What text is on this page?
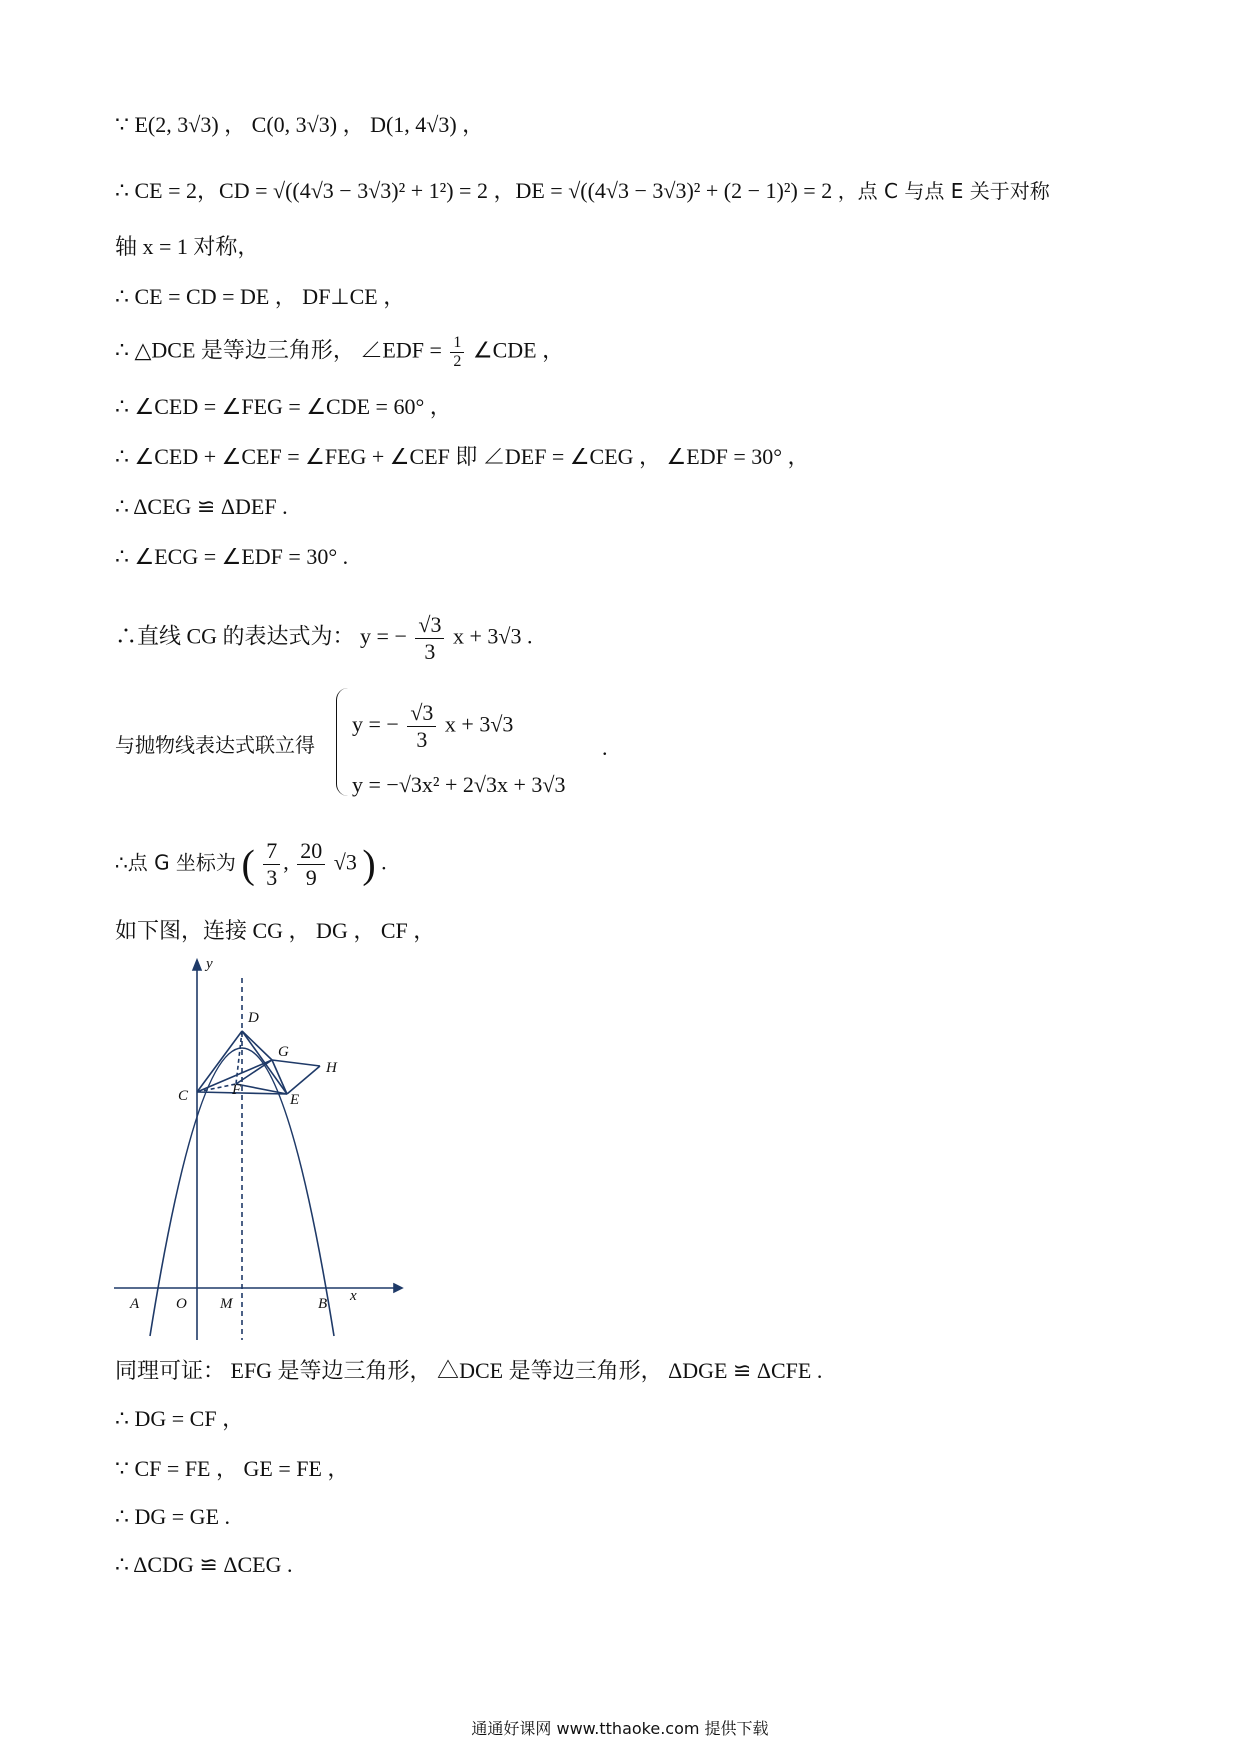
∵ E(2, 3√3) ， C(0, 3√3) ， D(1, 4√3) ，
∴ CE = 2，CD = √((4√3 − 3√3)² + 1²) = 2 ，DE = √((4√3 − 3√3)² + (2 − 1)²) = 2 ，点 C 与点 E 关于对称
轴 x = 1 对称，
∴ CE = CD = DE ， DF⊥CE ，
∴ △DCE 是等边三角形， ∠EDF = $\frac{1}{2}$ ∠CDE ，
∴ ∠CED = ∠FEG = ∠CDE = 60° ，
∴ ∠CED + ∠CEF = ∠FEG + ∠CEF 即 ∠DEF = ∠CEG ， ∠EDF = 30° ，
∴ ΔCEG ≌ ΔDEF .
∴ ∠ECG = ∠EDF = 30° .
∴直线 CG 的表达式为： y = − $\frac{√3}{3}$ x + 3√3 .
与抛物线表达式联立得
y = − $\frac{√3}{3}$ x + 3√3
y = −√3x² + 2√3x + 3√3
.
∴点 G 坐标为 ( $\frac{7}{3}$ , $\frac{20}{9} √3$ ) .
如下图，连接 CG ， DG ， CF ，
y
x
D
G
H
C	F
E
A O M	B
同理可证： EFG 是等边三角形， △DCE 是等边三角形， ΔDGE ≌ ΔCFE .
∴ DG = CF ，
∵ CF = FE ， GE = FE ，
∴ DG = GE .
∴ ΔCDG ≌ ΔCEG .
通通好课网 www.tthaoke.com 提供下载
